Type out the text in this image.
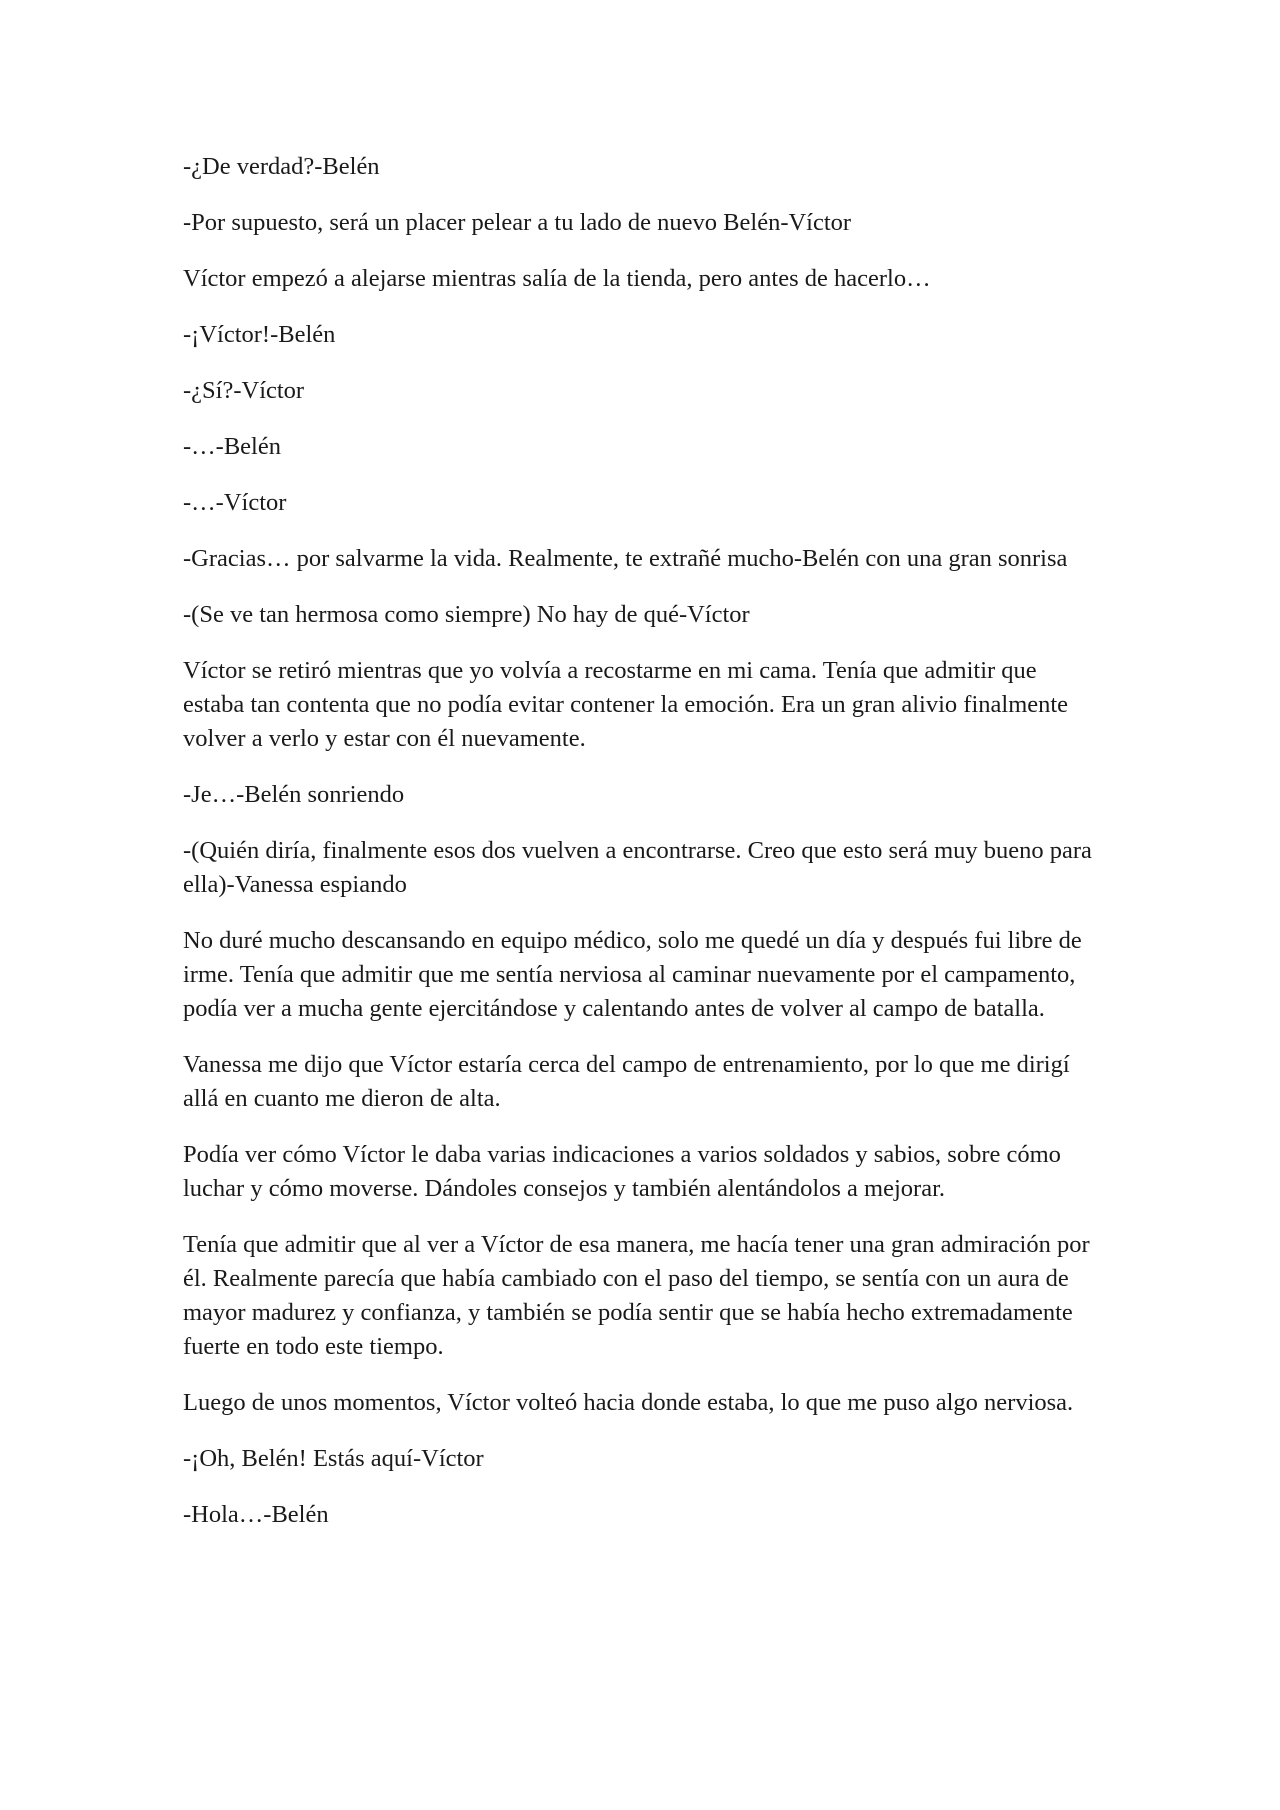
-¿De verdad?-Belén

-Por supuesto, será un placer pelear a tu lado de nuevo Belén-Víctor

Víctor empezó a alejarse mientras salía de la tienda, pero antes de hacerlo…

-¡Víctor!-Belén

-¿Sí?-Víctor

-…-Belén

-…-Víctor

-Gracias… por salvarme la vida. Realmente, te extrañé mucho-Belén con una gran sonrisa

-(Se ve tan hermosa como siempre) No hay de qué-Víctor

Víctor se retiró mientras que yo volvía a recostarme en mi cama. Tenía que admitir que estaba tan contenta que no podía evitar contener la emoción. Era un gran alivio finalmente volver a verlo y estar con él nuevamente.

-Je…-Belén sonriendo

-(Quién diría, finalmente esos dos vuelven a encontrarse. Creo que esto será muy bueno para ella)-Vanessa espiando

No duré mucho descansando en equipo médico, solo me quedé un día y después fui libre de irme. Tenía que admitir que me sentía nerviosa al caminar nuevamente por el campamento, podía ver a mucha gente ejercitándose y calentando antes de volver al campo de batalla.

Vanessa me dijo que Víctor estaría cerca del campo de entrenamiento, por lo que me dirigí allá en cuanto me dieron de alta.

Podía ver cómo Víctor le daba varias indicaciones a varios soldados y sabios, sobre cómo luchar y cómo moverse. Dándoles consejos y también alentándolos a mejorar.

Tenía que admitir que al ver a Víctor de esa manera, me hacía tener una gran admiración por él. Realmente parecía que había cambiado con el paso del tiempo, se sentía con un aura de mayor madurez y confianza, y también se podía sentir que se había hecho extremadamente fuerte en todo este tiempo.

Luego de unos momentos, Víctor volteó hacia donde estaba, lo que me puso algo nerviosa.

-¡Oh, Belén! Estás aquí-Víctor

-Hola…-Belén
